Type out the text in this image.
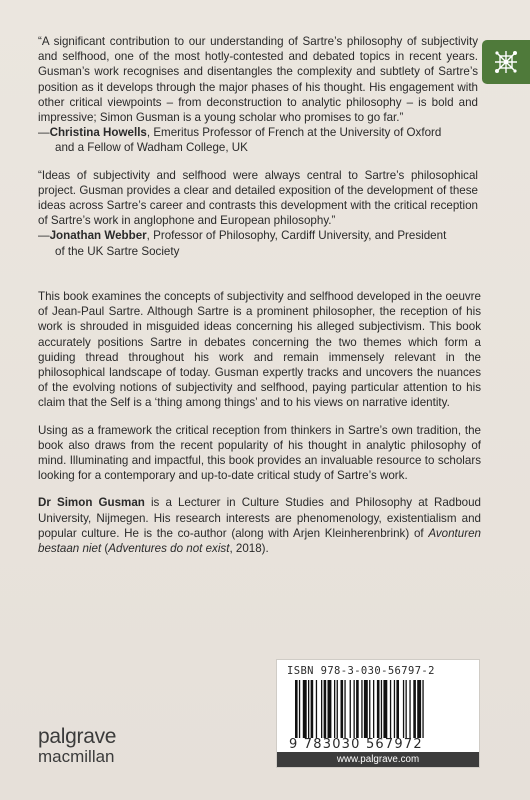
“A significant contribution to our understanding of Sartre’s philosophy of subjectivity and selfhood, one of the most hotly-contested and debated topics in recent years. Gusman’s work recognises and disentangles the complexity and subtlety of Sartre’s position as it develops through the major phases of his thought. His engagement with other critical viewpoints – from deconstruction to analytic philosophy – is bold and impressive; Simon Gusman is a young scholar who promises to go far.”

—Christina Howells, Emeritus Professor of French at the University of Oxford
and a Fellow of Wadham College, UK

“Ideas of subjectivity and selfhood were always central to Sartre’s philosophical project. Gusman provides a clear and detailed exposition of the development of these ideas across Sartre’s career and contrasts this development with the critical reception of Sartre’s work in anglophone and European philosophy.”

—Jonathan Webber, Professor of Philosophy, Cardiff University, and President
of the UK Sartre Society

This book examines the concepts of subjectivity and selfhood developed in the oeuvre of Jean-Paul Sartre. Although Sartre is a prominent philosopher, the reception of his work is shrouded in misguided ideas concerning his alleged subjectivism. This book accurately positions Sartre in debates concerning the two themes which form a guiding thread throughout his work and remain immensely relevant in the philosophical landscape of today. Gusman expertly tracks and uncovers the nuances of the evolving notions of subjectivity and selfhood, paying particular attention to his claim that the Self is a ‘thing among things’ and to his views on narrative identity.

Using as a framework the critical reception from thinkers in Sartre’s own tradition, the book also draws from the recent popularity of his thought in analytic philosophy of mind. Illuminating and impactful, this book provides an invaluable resource to scholars looking for a contemporary and up-to-date critical study of Sartre’s work.

Dr Simon Gusman is a Lecturer in Culture Studies and Philosophy at Radboud University, Nijmegen. His research interests are phenomenology, existentialism and popular culture. He is the co-author (along with Arjen Kleinherenbrink) of Avonturen bestaan niet (Adventures do not exist, 2018).

ISBN 978-3-030-56797-2
9 783030 567972
www.palgrave.com
palgrave
macmillan
